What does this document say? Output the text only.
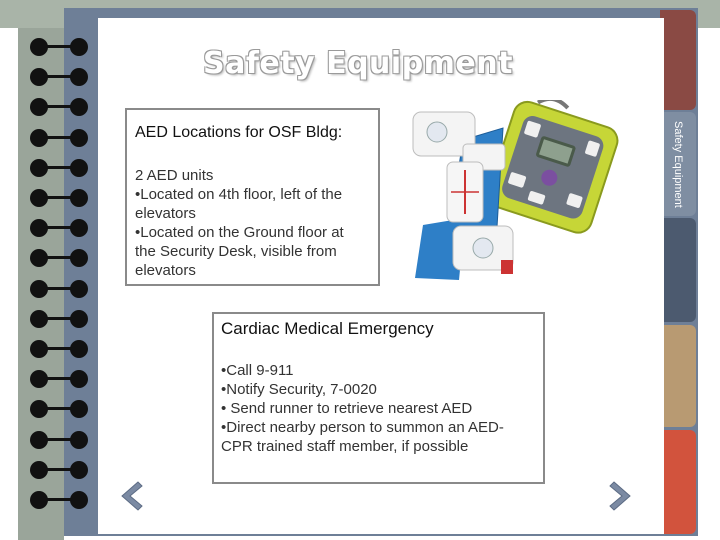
Safety Equipment
Safety Equipment
AED Locations for OSF Bldg:
2 AED units
•Located on 4th floor, left of the
elevators
•Located on the Ground floor at
the Security Desk, visible from
elevators
Cardiac Medical Emergency
•Call 9-911
•Notify Security, 7-0020
• Send runner to retrieve nearest AED
•Direct nearby person to summon an AED-
CPR trained staff member, if possible
